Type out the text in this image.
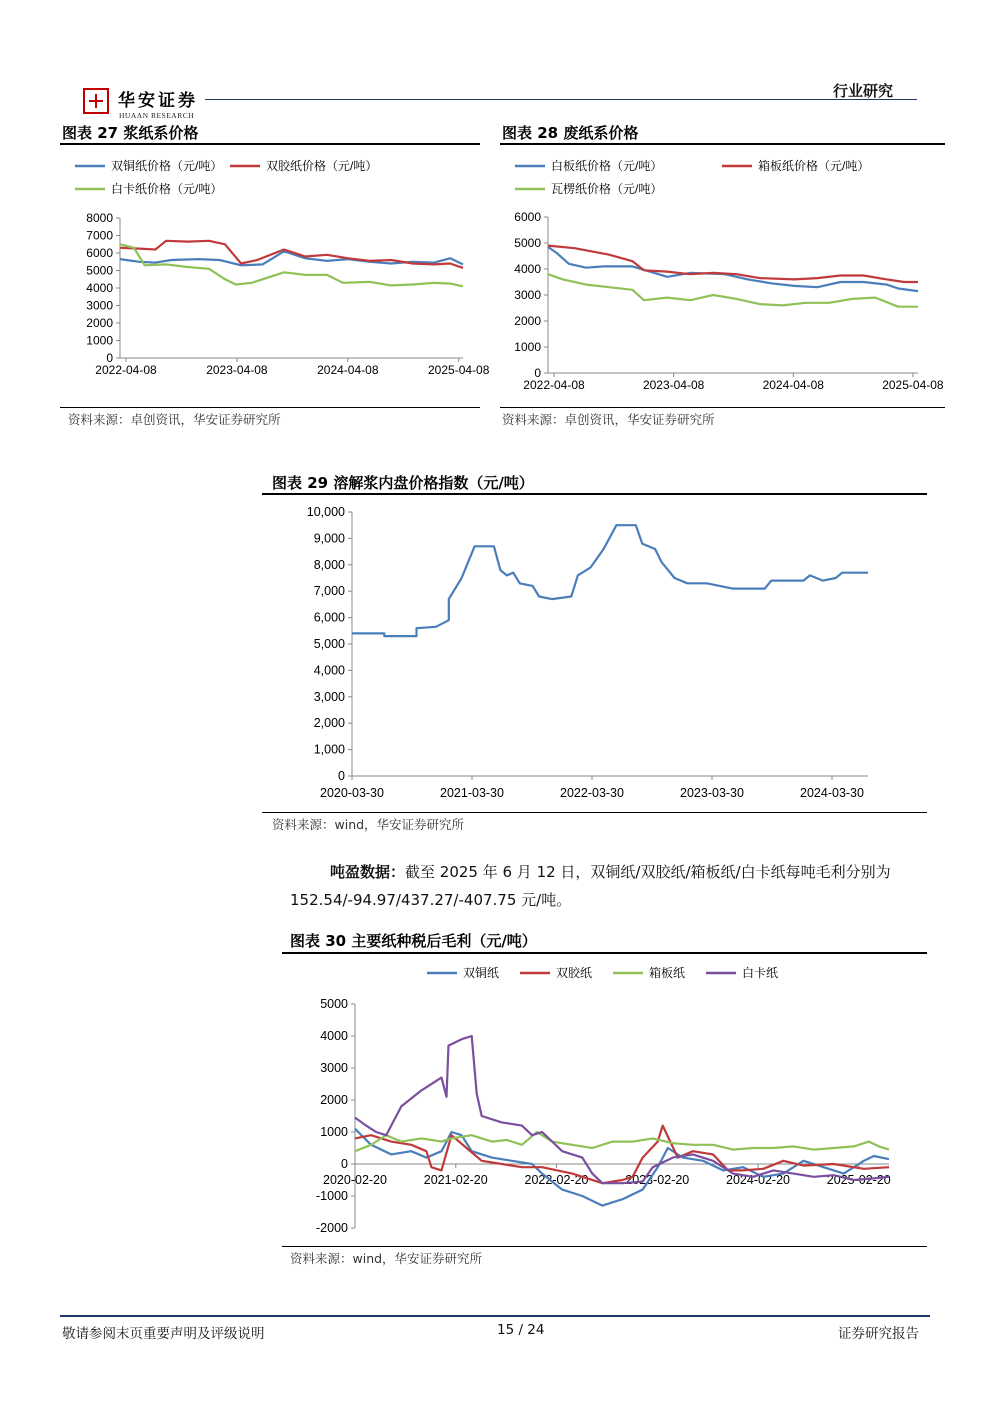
华安证券
HUAAN RESEARCH
行业研究
图表 27 浆纸系价格
0
1000
2000
3000
4000
5000
6000
7000
8000
2022-04-08	2023-04-08	2024-04-08	2025-04-08
双铜纸价格（元/吨）	双胶纸价格（元/吨）
白卡纸价格（元/吨）
资料来源：卓创资讯，华安证券研究所
图表 28 废纸系价格
0
1000
2000
3000
4000
5000
6000
2022-04-08	2023-04-08	2024-04-08	2025-04-08
白板纸价格（元/吨）	箱板纸价格（元/吨）
瓦楞纸价格（元/吨）
资料来源：卓创资讯，华安证券研究所
图表 29 溶解浆内盘价格指数（元/吨）
0
1,000
2,000
3,000
4,000
5,000
6,000
7,000
8,000
9,000
10,000
2020-03-30	2021-03-30	2022-03-30	2023-03-30	2024-03-30
资料来源：wind，华安证券研究所
吨盈数据：截至 2025 年 6 月 12 日，双铜纸/双胶纸/箱板纸/白卡纸每吨毛利分别为 152.54/-94.97/437.27/-407.75 元/吨。
图表 30 主要纸种税后毛利（元/吨）
-2000
-1000
0
1000
2000
3000
4000
5000
2020-02-20	2021-02-20	2022-02-20	2023-02-20	2024-02-20	2025-02-20
双铜纸	双胶纸	箱板纸	白卡纸
资料来源：wind，华安证券研究所
敬请参阅末页重要声明及评级说明	15 / 24	证券研究报告
